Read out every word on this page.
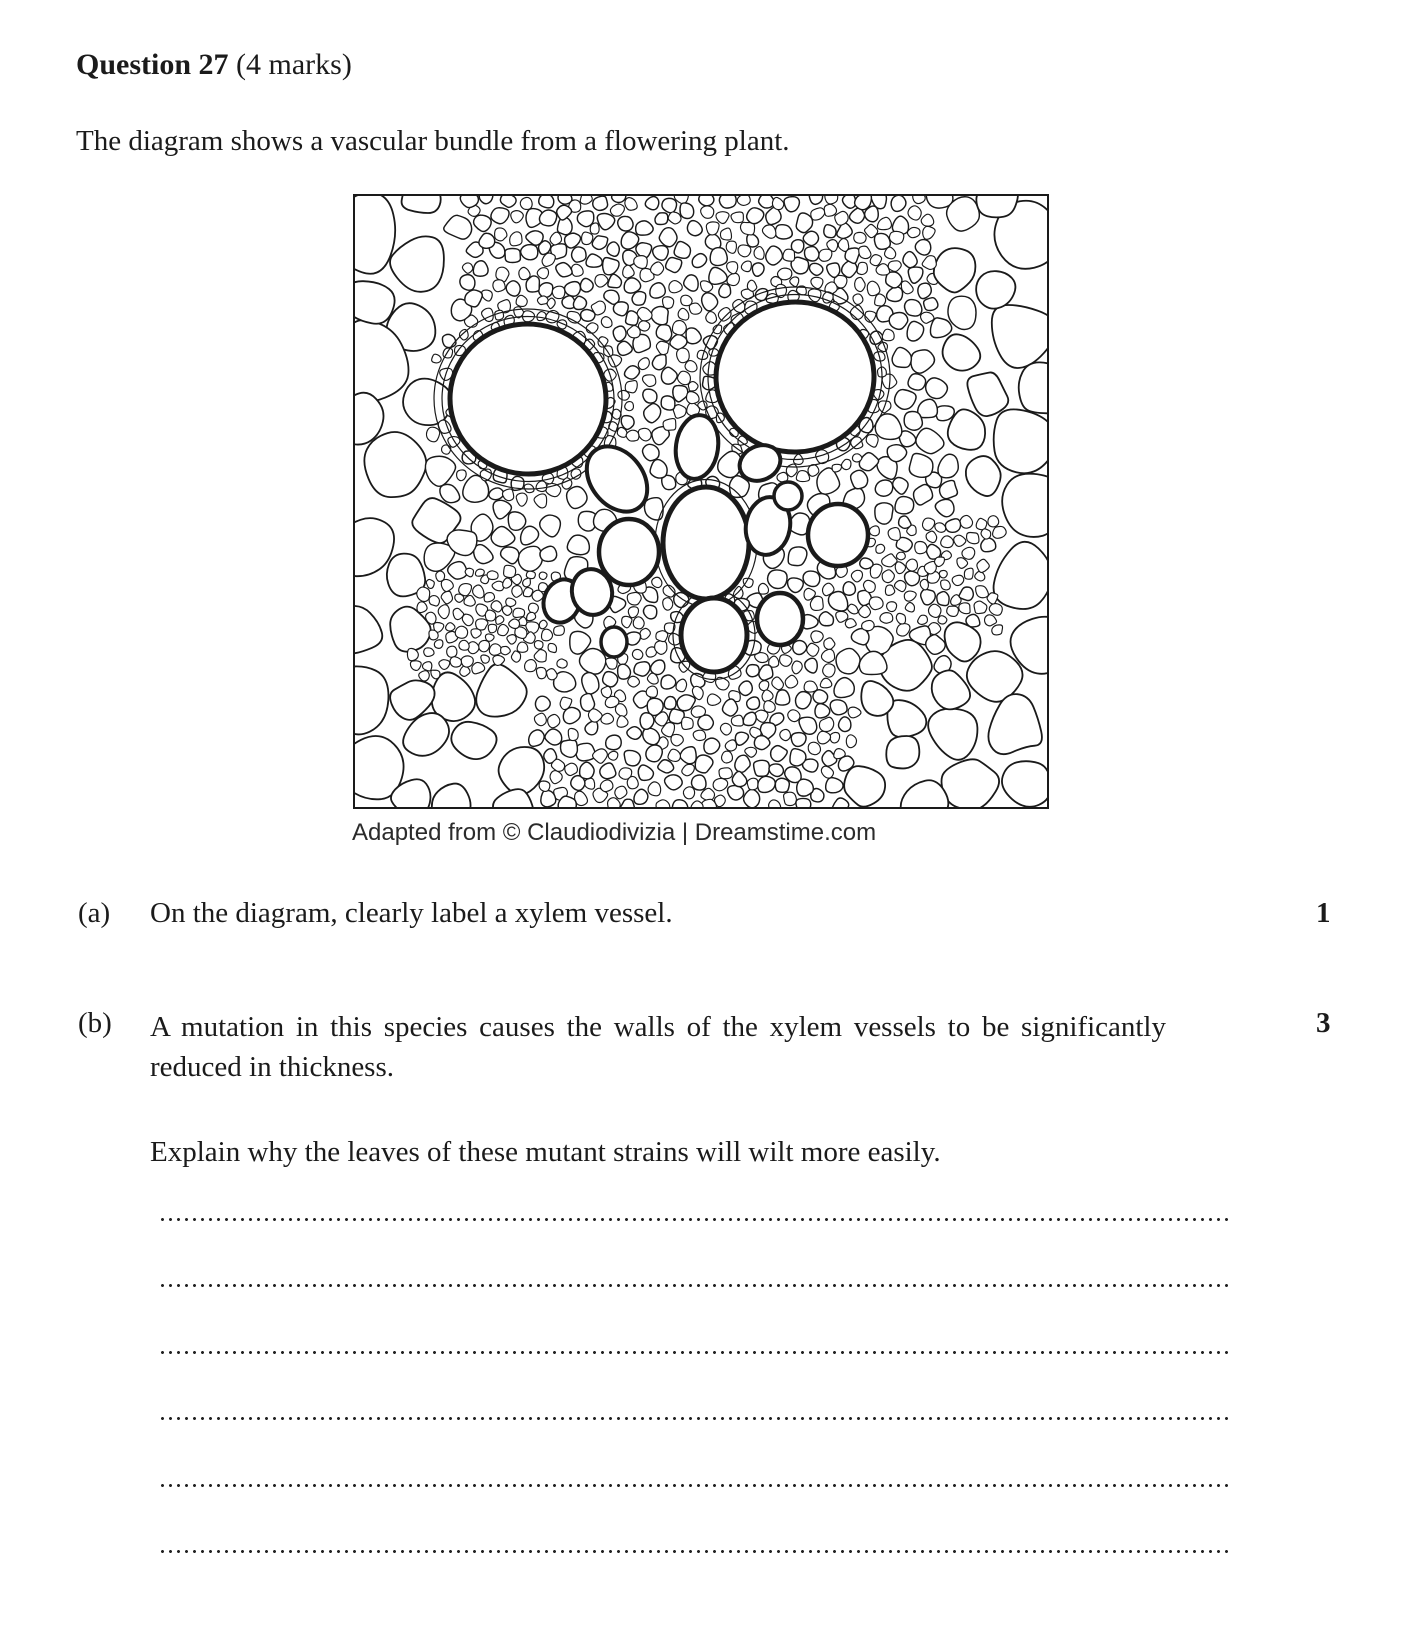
Question 27 (4 marks)
The diagram shows a vascular bundle from a flowering plant.
Adapted from © Claudiodivizia | Dreamstime.com
(a) On the diagram, clearly label a xylem vessel.	1
(b) A mutation in this species causes the walls of the xylem vessels to be significantly reduced in thickness.
3
Explain why the leaves of these mutant strains will wilt more easily.
